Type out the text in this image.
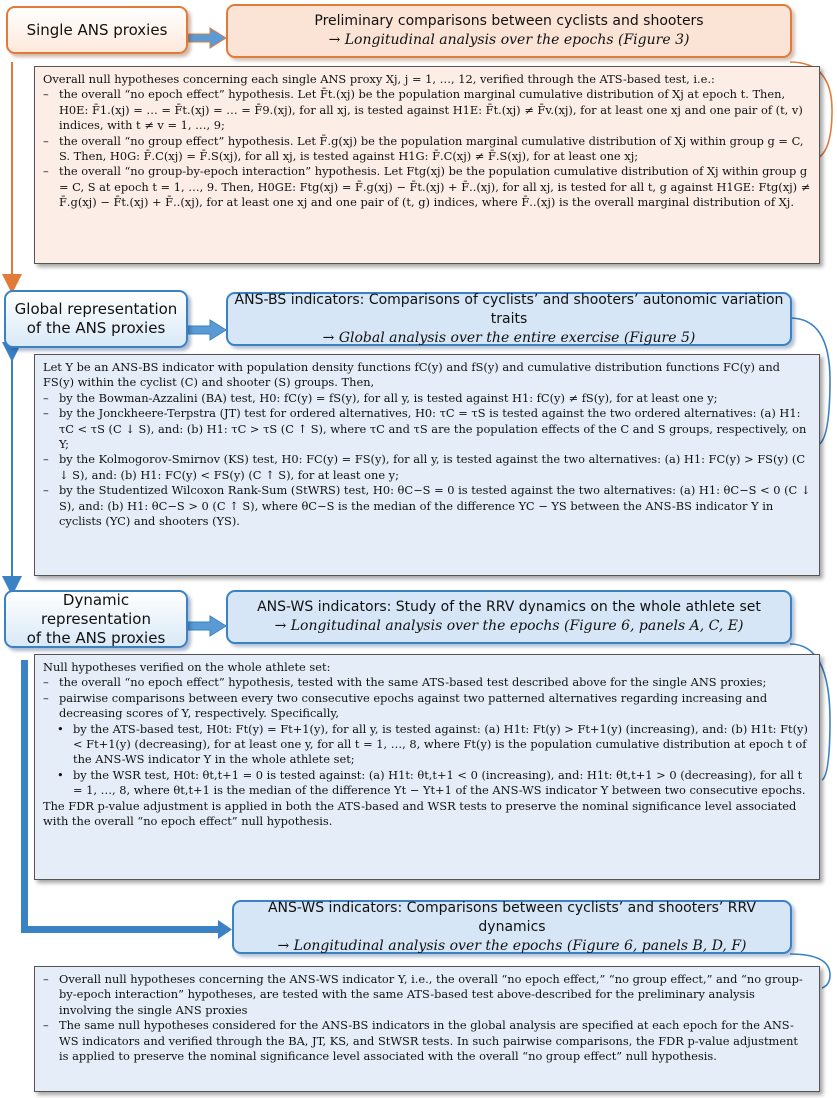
Single ANS proxies	Preliminary comparisons between cyclists and shooters
→ Longitudinal analysis over the epochs (Figure 3)

Overall null hypotheses concerning each single ANS proxy Xj, j = 1, …, 12, verified through the ATS-based test, i.e.:

– the overall “no epoch effect” hypothesis. Let F̄t.(xj) be the population marginal cumulative distribution of Xj at epoch t. Then, H0E: F̄1.(xj) = … = F̄t.(xj) = … = F̄9.(xj), for all xj, is tested against H1E: F̄t.(xj) ≠ F̄v.(xj), for at least one xj and one pair of (t, v) indices, with t ≠ v = 1, …, 9;
– the overall “no group effect” hypothesis. Let F̄.g(xj) be the population marginal cumulative distribution of Xj within group g = C, S. Then, H0G: F̄.C(xj) = F̄.S(xj), for all xj, is tested against H1G: F̄.C(xj) ≠ F̄.S(xj), for at least one xj;
– the overall “no group-by-epoch interaction” hypothesis. Let Ftg(xj) be the population cumulative distribution of Xj within group g = C, S at epoch t = 1, …, 9. Then, H0GE: Ftg(xj) = F̄.g(xj) − F̄t.(xj) + F̄..(xj), for all xj, is tested for all t, g against H1GE: Ftg(xj) ≠ F̄.g(xj) − F̄t.(xj) + F̄..(xj), for at least one xj and one pair of (t, g) indices, where F̄..(xj) is the overall marginal distribution of Xj.
Global representation
of the ANS proxies
ANS-BS indicators: Comparisons of cyclists’ and shooters’ autonomic variation traits
→ Global analysis over the entire exercise (Figure 5)

Let Y be an ANS-BS indicator with population density functions fC(y) and fS(y) and cumulative distribution functions FC(y) and FS(y) within the cyclist (C) and shooter (S) groups. Then,

– by the Bowman-Azzalini (BA) test, H0: fC(y) = fS(y), for all y, is tested against H1: fC(y) ≠ fS(y), for at least one y;
– by the Jonckheere-Terpstra (JT) test for ordered alternatives, H0: τC = τS is tested against the two ordered alternatives: (a) H1: τC < τS (C ↓ S), and: (b) H1: τC > τS (C ↑ S), where τC and τS are the population effects of the C and S groups, respectively, on Y;
– by the Kolmogorov-Smirnov (KS) test, H0: FC(y) = FS(y), for all y, is tested against the two alternatives: (a) H1: FC(y) > FS(y) (C ↓ S), and: (b) H1: FC(y) < FS(y) (C ↑ S), for at least one y;
– by the Studentized Wilcoxon Rank-Sum (StWRS) test, H0: θC−S = 0 is tested against the two alternatives: (a) H1: θC−S < 0 (C ↓ S), and: (b) H1: θC−S > 0 (C ↑ S), where θC−S is the median of the difference YC − YS between the ANS-BS indicator Y in cyclists (YC) and shooters (YS).
Dynamic representation
of the ANS proxies
ANS-WS indicators: Study of the RRV dynamics on the whole athlete set
→ Longitudinal analysis over the epochs (Figure 6, panels A, C, E)

Null hypotheses verified on the whole athlete set:

– the overall “no epoch effect” hypothesis, tested with the same ATS-based test described above for the single ANS proxies;
– pairwise comparisons between every two consecutive epochs against two patterned alternatives regarding increasing and decreasing scores of Y, respectively. Specifically,
• by the ATS-based test, H0t: Ft(y) = Ft+1(y), for all y, is tested against: (a) H1t: Ft(y) > Ft+1(y) (increasing), and: (b) H1t: Ft(y) < Ft+1(y) (decreasing), for at least one y, for all t = 1, …, 8, where Ft(y) is the population cumulative distribution at epoch t of the ANS-WS indicator Y in the whole athlete set;
• by the WSR test, H0t: θt,t+1 = 0 is tested against: (a) H1t: θt,t+1 < 0 (increasing), and: H1t: θt,t+1 > 0 (decreasing), for all t = 1, …, 8, where θt,t+1 is the median of the difference Yt − Yt+1 of the ANS-WS indicator Y between two consecutive epochs.

The FDR p-value adjustment is applied in both the ATS-based and WSR tests to preserve the nominal significance level associated with the overall “no epoch effect” null hypothesis.

ANS-WS indicators: Comparisons between cyclists’ and shooters’ RRV dynamics
→ Longitudinal analysis over the epochs (Figure 6, panels B, D, F)
– Overall null hypotheses concerning the ANS-WS indicator Y, i.e., the overall “no epoch effect,” “no group effect,” and “no group-by-epoch interaction” hypotheses, are tested with the same ATS-based test above-described for the preliminary analysis involving the single ANS proxies
– The same null hypotheses considered for the ANS-BS indicators in the global analysis are specified at each epoch for the ANS-WS indicators and verified through the BA, JT, KS, and StWSR tests. In such pairwise comparisons, the FDR p-value adjustment is applied to preserve the nominal significance level associated with the overall “no group effect” null hypothesis.
